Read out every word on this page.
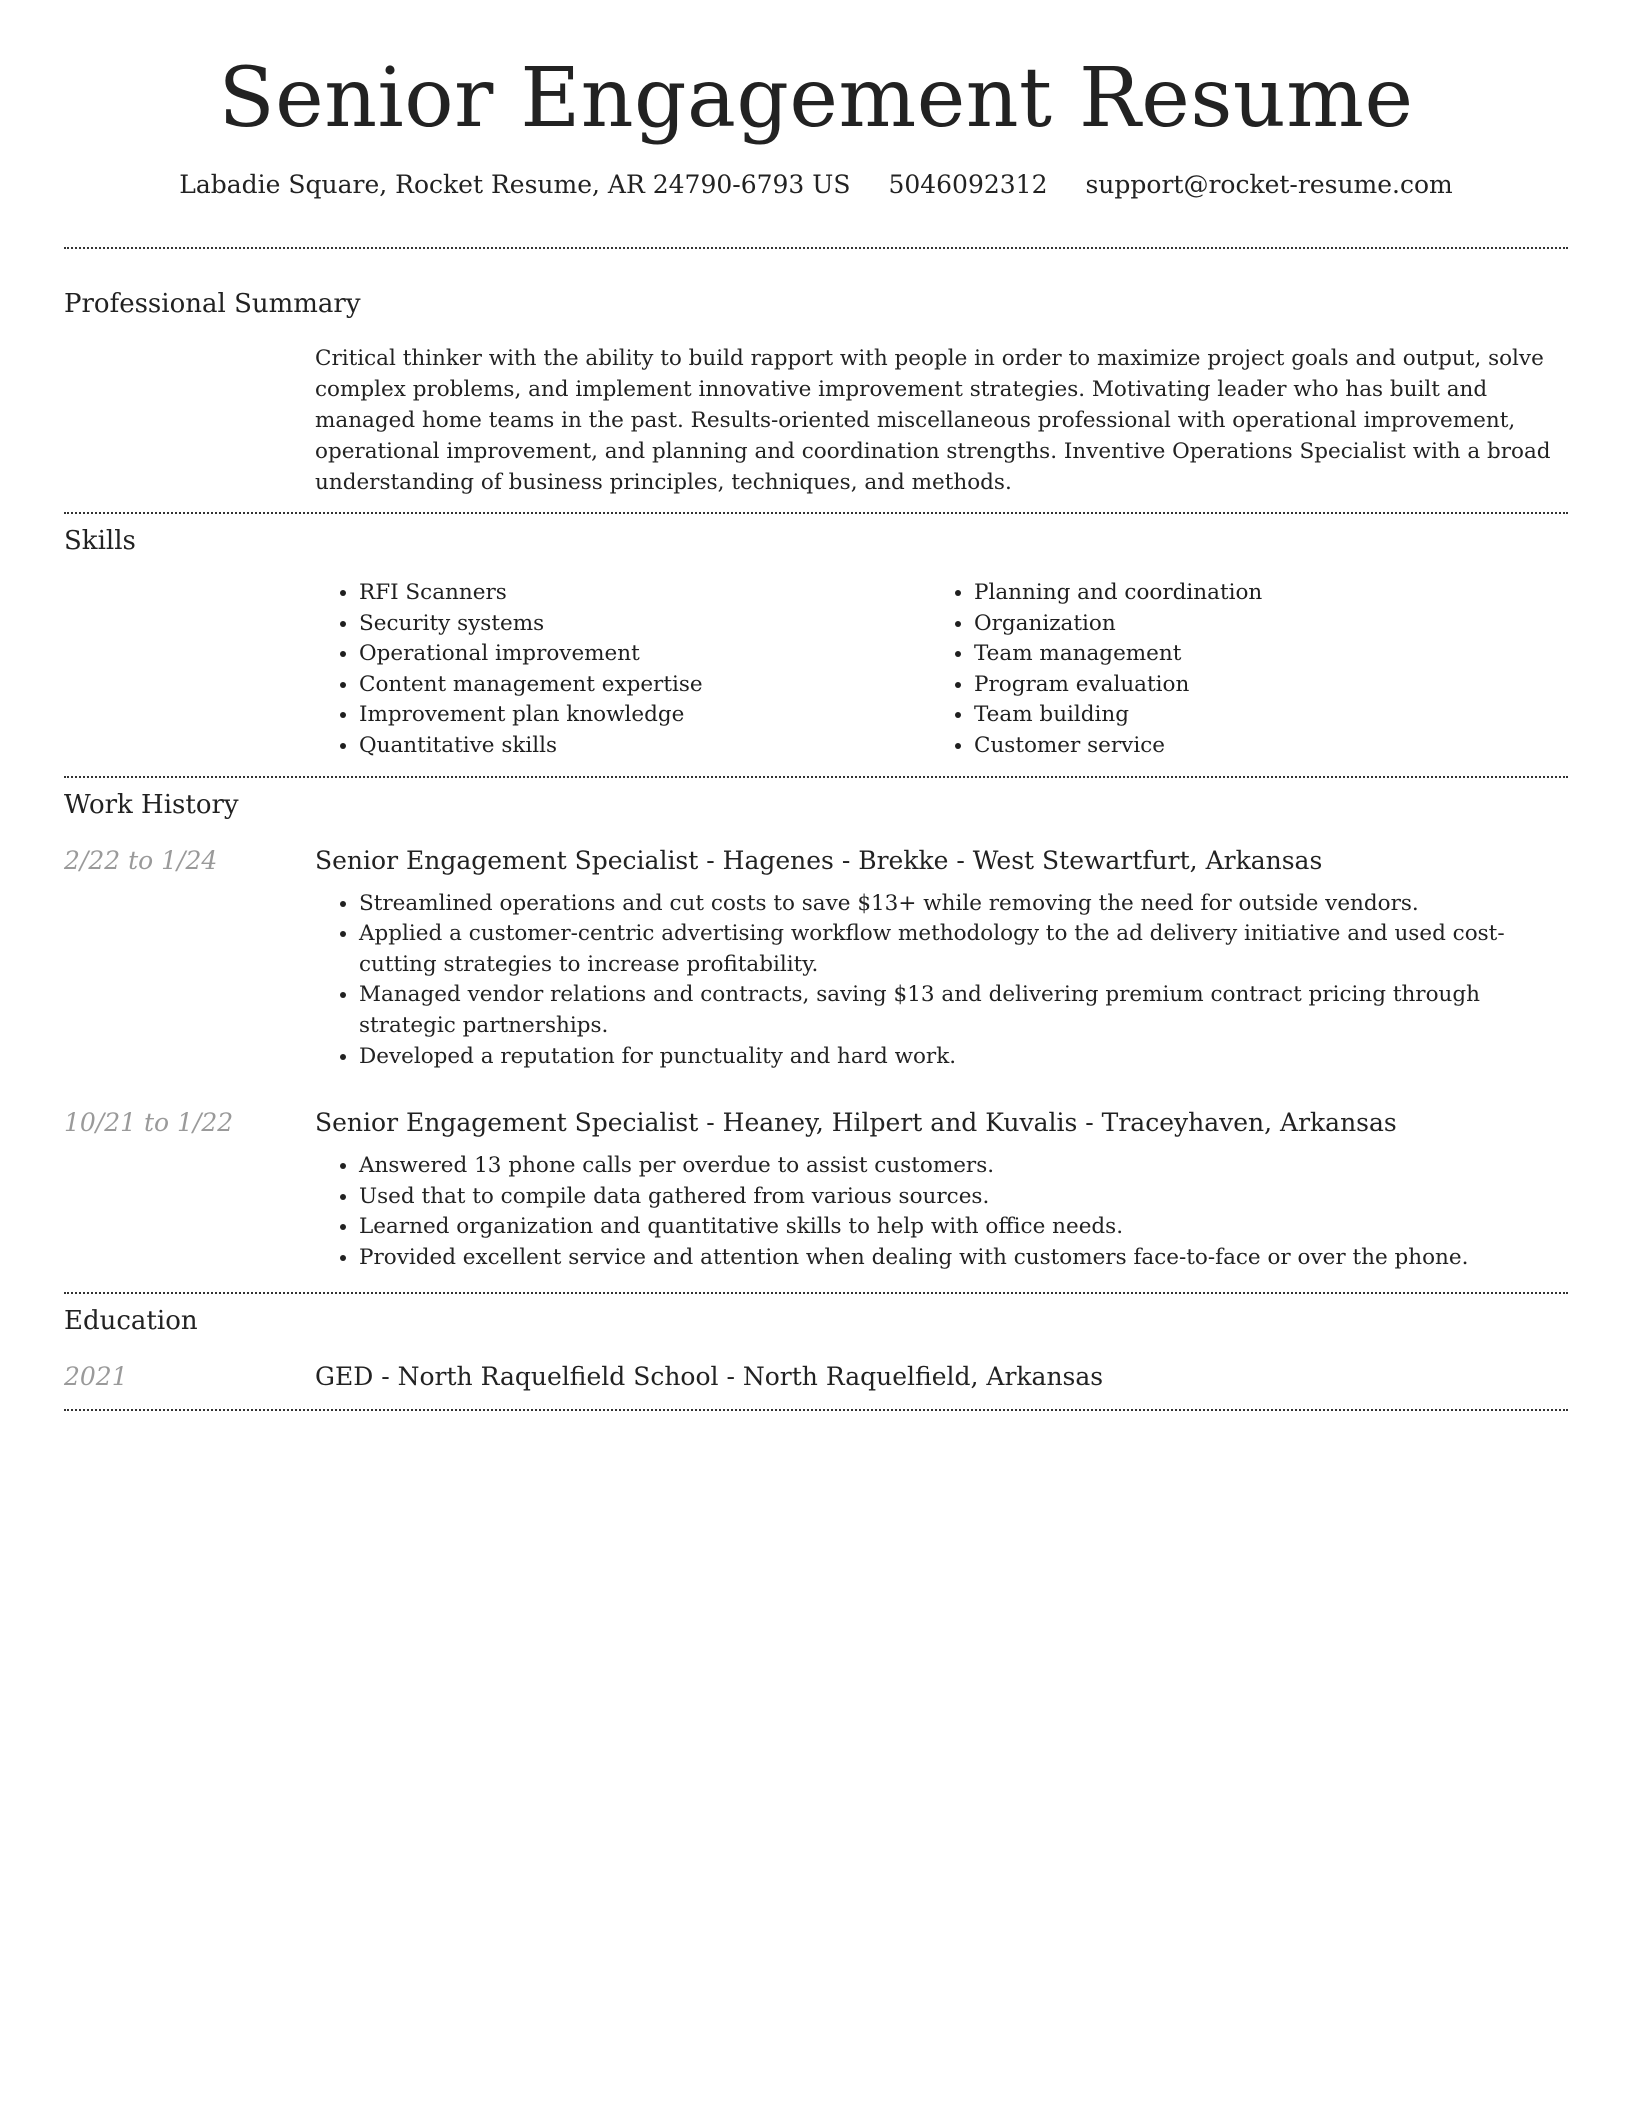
Senior Engagement Resume
Labadie Square, Rocket Resume, AR 24790-6793 US 5046092312 support@rocket-resume.com
Professional Summary
Critical thinker with the ability to build rapport with people in order to maximize project goals and output, solve complex problems, and implement innovative improvement strategies. Motivating leader who has built and managed home teams in the past. Results-oriented miscellaneous professional with operational improvement, operational improvement, and planning and coordination strengths. Inventive Operations Specialist with a broad understanding of business principles, techniques, and methods.
Skills
• RFI Scanners
• Security systems
• Operational improvement
• Content management expertise
• Improvement plan knowledge
• Quantitative skills
• Planning and coordination
• Organization
• Team management
• Program evaluation
• Team building
• Customer service
Work History
2/22 to 1/24	Senior Engagement Specialist - Hagenes - Brekke - West Stewartfurt, Arkansas
• Streamlined operations and cut costs to save $13+ while removing the need for outside vendors.
• Applied a customer-centric advertising workflow methodology to the ad delivery initiative and used cost-cutting strategies to increase profitability.
• Managed vendor relations and contracts, saving $13 and delivering premium contract pricing through strategic partnerships.
• Developed a reputation for punctuality and hard work.
10/21 to 1/22	Senior Engagement Specialist - Heaney, Hilpert and Kuvalis - Traceyhaven, Arkansas
• Answered 13 phone calls per overdue to assist customers.
• Used that to compile data gathered from various sources.
• Learned organization and quantitative skills to help with office needs.
• Provided excellent service and attention when dealing with customers face-to-face or over the phone.
Education
2021	GED - North Raquelfield School - North Raquelfield, Arkansas
